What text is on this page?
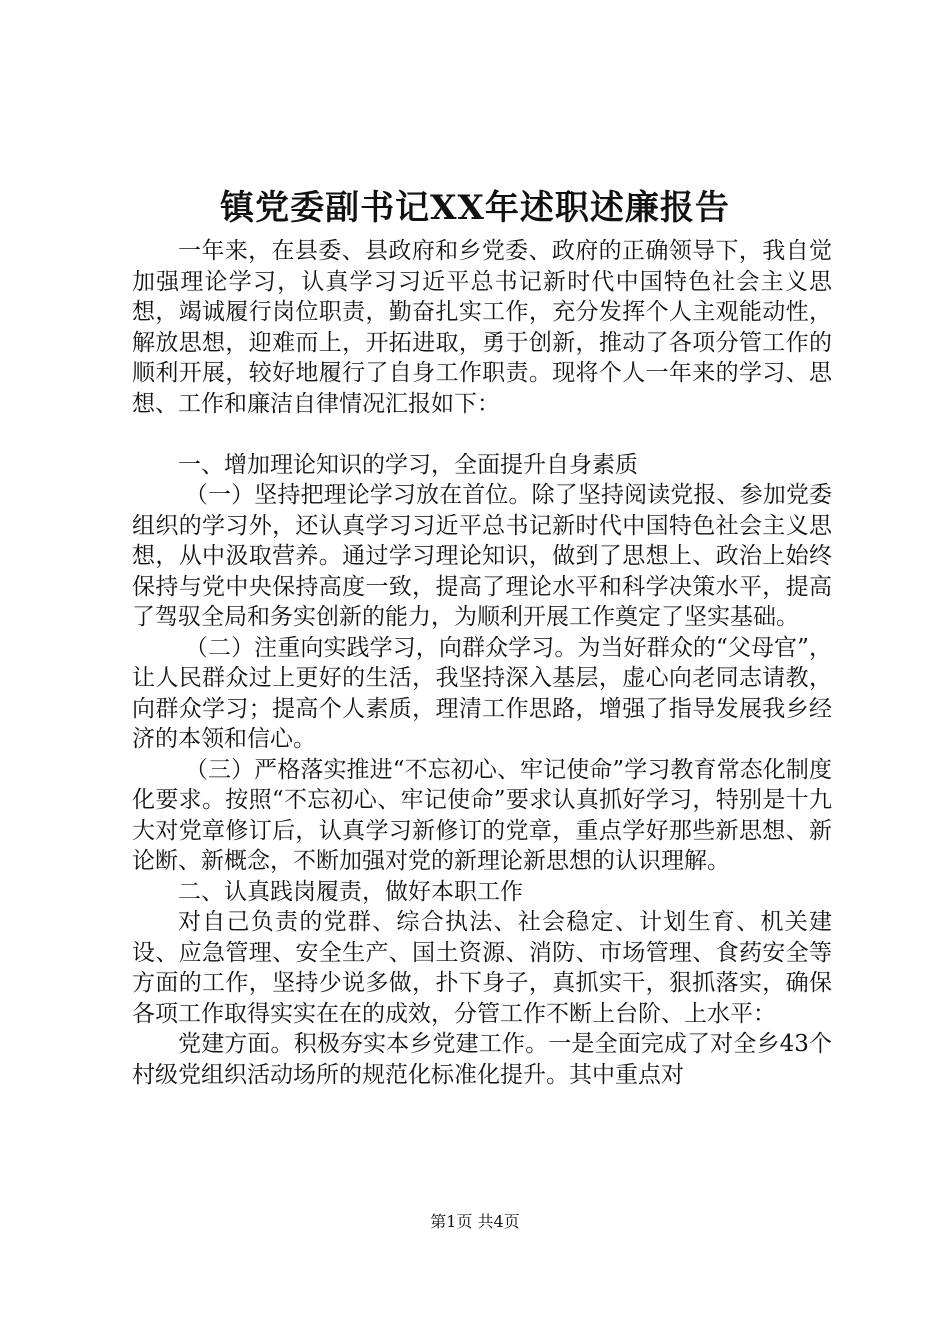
镇党委副书记XX年述职述廉报告

一年来，在县委、县政府和乡党委、政府的正确领导下，我自觉加强理论学习，认真学习习近平总书记新时代中国特色社会主义思想，竭诚履行岗位职责，勤奋扎实工作，充分发挥个人主观能动性，解放思想，迎难而上，开拓进取，勇于创新，推动了各项分管工作的顺利开展，较好地履行了自身工作职责。现将个人一年来的学习、思想、工作和廉洁自律情况汇报如下：

一、增加理论知识的学习，全面提升自身素质

（一）坚持把理论学习放在首位。除了坚持阅读党报、参加党委组织的学习外，还认真学习习近平总书记新时代中国特色社会主义思想，从中汲取营养。通过学习理论知识，做到了思想上、政治上始终保持与党中央保持高度一致，提高了理论水平和科学决策水平，提高了驾驭全局和务实创新的能力，为顺利开展工作奠定了坚实基础。

（二）注重向实践学习，向群众学习。为当好群众的“父母官”，让人民群众过上更好的生活，我坚持深入基层，虚心向老同志请教，向群众学习；提高个人素质，理清工作思路，增强了指导发展我乡经济的本领和信心。

（三）严格落实推进“不忘初心、牢记使命”学习教育常态化制度化要求。按照“不忘初心、牢记使命”要求认真抓好学习，特别是十九大对党章修订后，认真学习新修订的党章，重点学好那些新思想、新论断、新概念，不断加强对党的新理论新思想的认识理解。

二、认真践岗履责，做好本职工作

对自己负责的党群、综合执法、社会稳定、计划生育、机关建设、应急管理、安全生产、国土资源、消防、市场管理、食药安全等方面的工作，坚持少说多做，扑下身子，真抓实干，狠抓落实，确保各项工作取得实实在在的成效，分管工作不断上台阶、上水平：

党建方面。积极夯实本乡党建工作。一是全面完成了对全乡43个村级党组织活动场所的规范化标准化提升。其中重点对

第1页 共4页
